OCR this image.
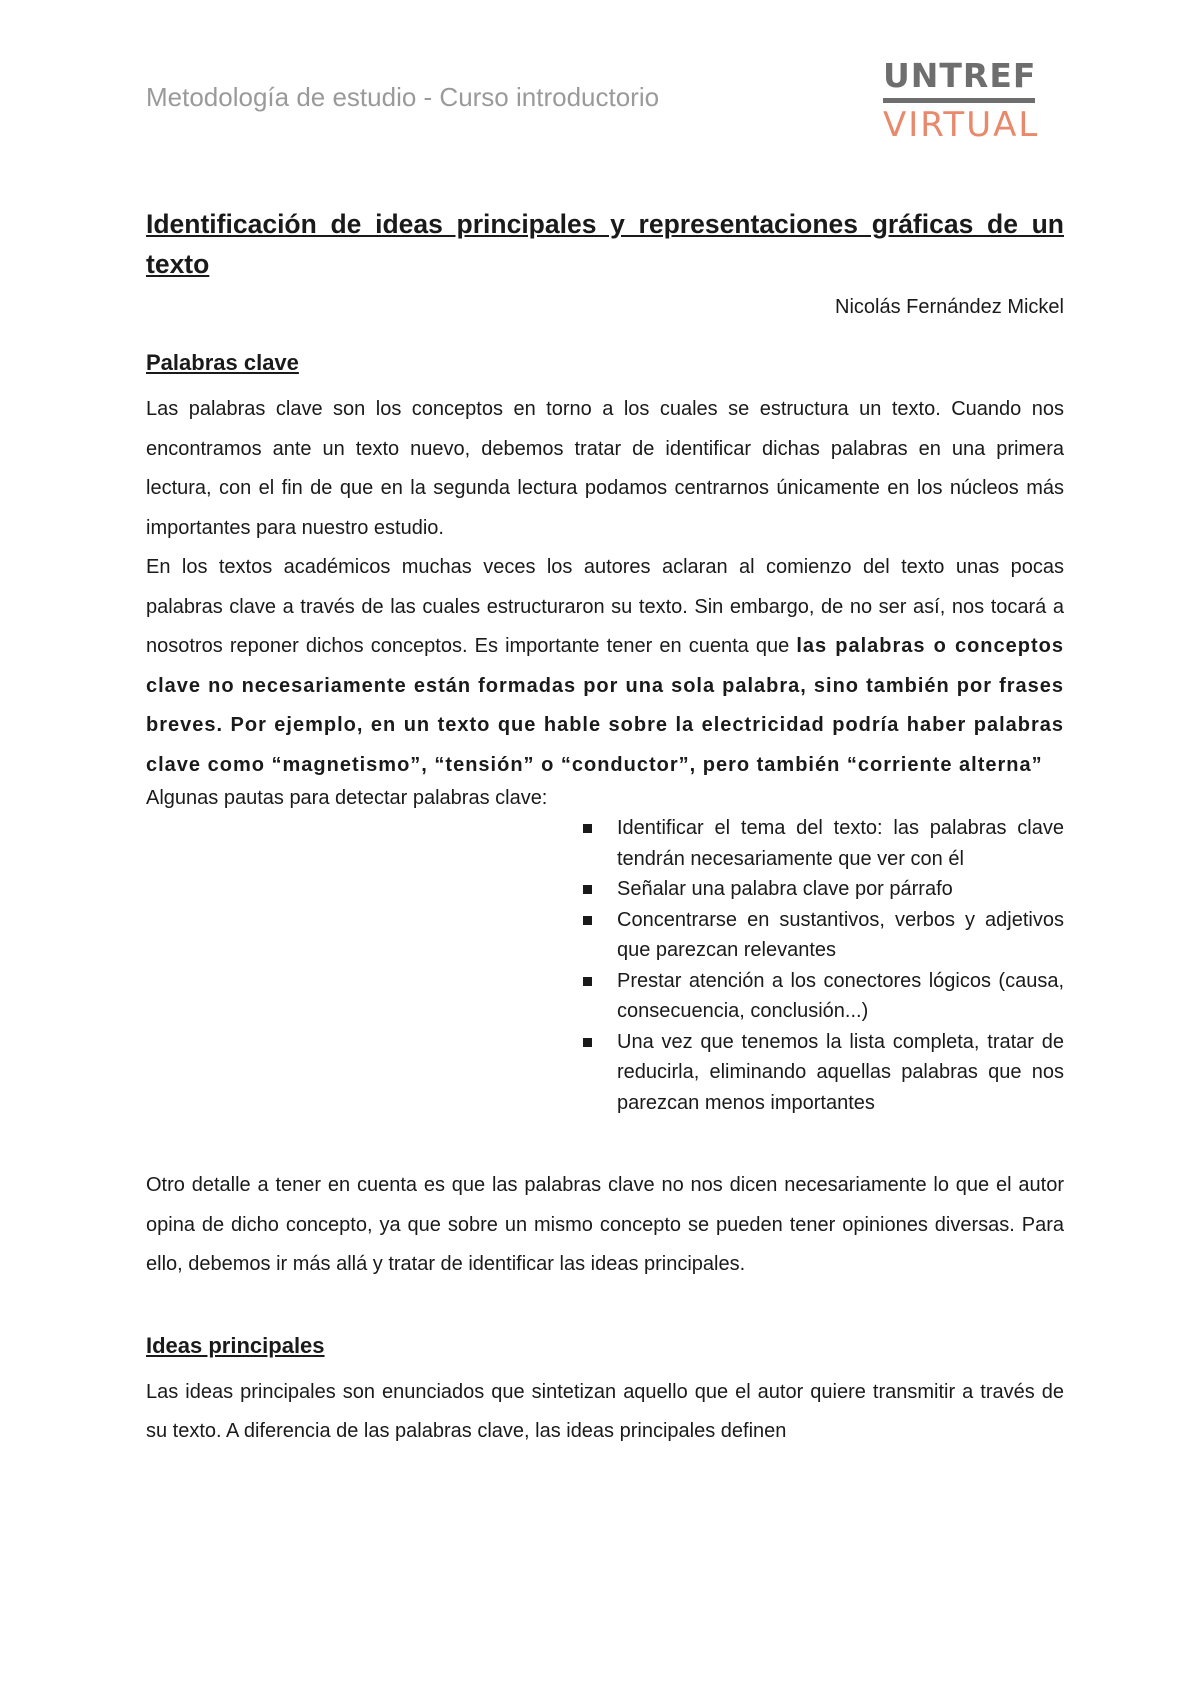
Metodología de estudio - Curso introductorio
UNTREF
VIRTUAL
Identificación de ideas principales y representaciones gráficas de un texto
Nicolás Fernández Mickel
Palabras clave

Las palabras clave son los conceptos en torno a los cuales se estructura un texto. Cuando nos encontramos ante un texto nuevo, debemos tratar de identificar dichas palabras en una primera lectura, con el fin de que en la segunda lectura podamos centrarnos únicamente en los núcleos más importantes para nuestro estudio.

En los textos académicos muchas veces los autores aclaran al comienzo del texto unas pocas palabras clave a través de las cuales estructuraron su texto. Sin embargo, de no ser así, nos tocará a nosotros reponer dichos conceptos. Es importante tener en cuenta que las palabras o conceptos clave no necesariamente están formadas por una sola palabra, sino también por frases breves. Por ejemplo, en un texto que hable sobre la electricidad podría haber palabras clave como “magnetismo”, “tensión” o “conductor”, pero también “corriente alterna”

Algunas pautas para detectar palabras clave:

Identificar el tema del texto: las palabras clave tendrán necesariamente que ver con él
Señalar una palabra clave por párrafo
Concentrarse en sustantivos, verbos y adjetivos que parezcan relevantes
Prestar atención a los conectores lógicos (causa, consecuencia, conclusión...)
Una vez que tenemos la lista completa, tratar de reducirla, eliminando aquellas palabras que nos parezcan menos importantes

Otro detalle a tener en cuenta es que las palabras clave no nos dicen necesariamente lo que el autor opina de dicho concepto, ya que sobre un mismo concepto se pueden tener opiniones diversas. Para ello, debemos ir más allá y tratar de identificar las ideas principales.

Ideas principales

Las ideas principales son enunciados que sintetizan aquello que el autor quiere transmitir a través de su texto. A diferencia de las palabras clave, las ideas principales definen
